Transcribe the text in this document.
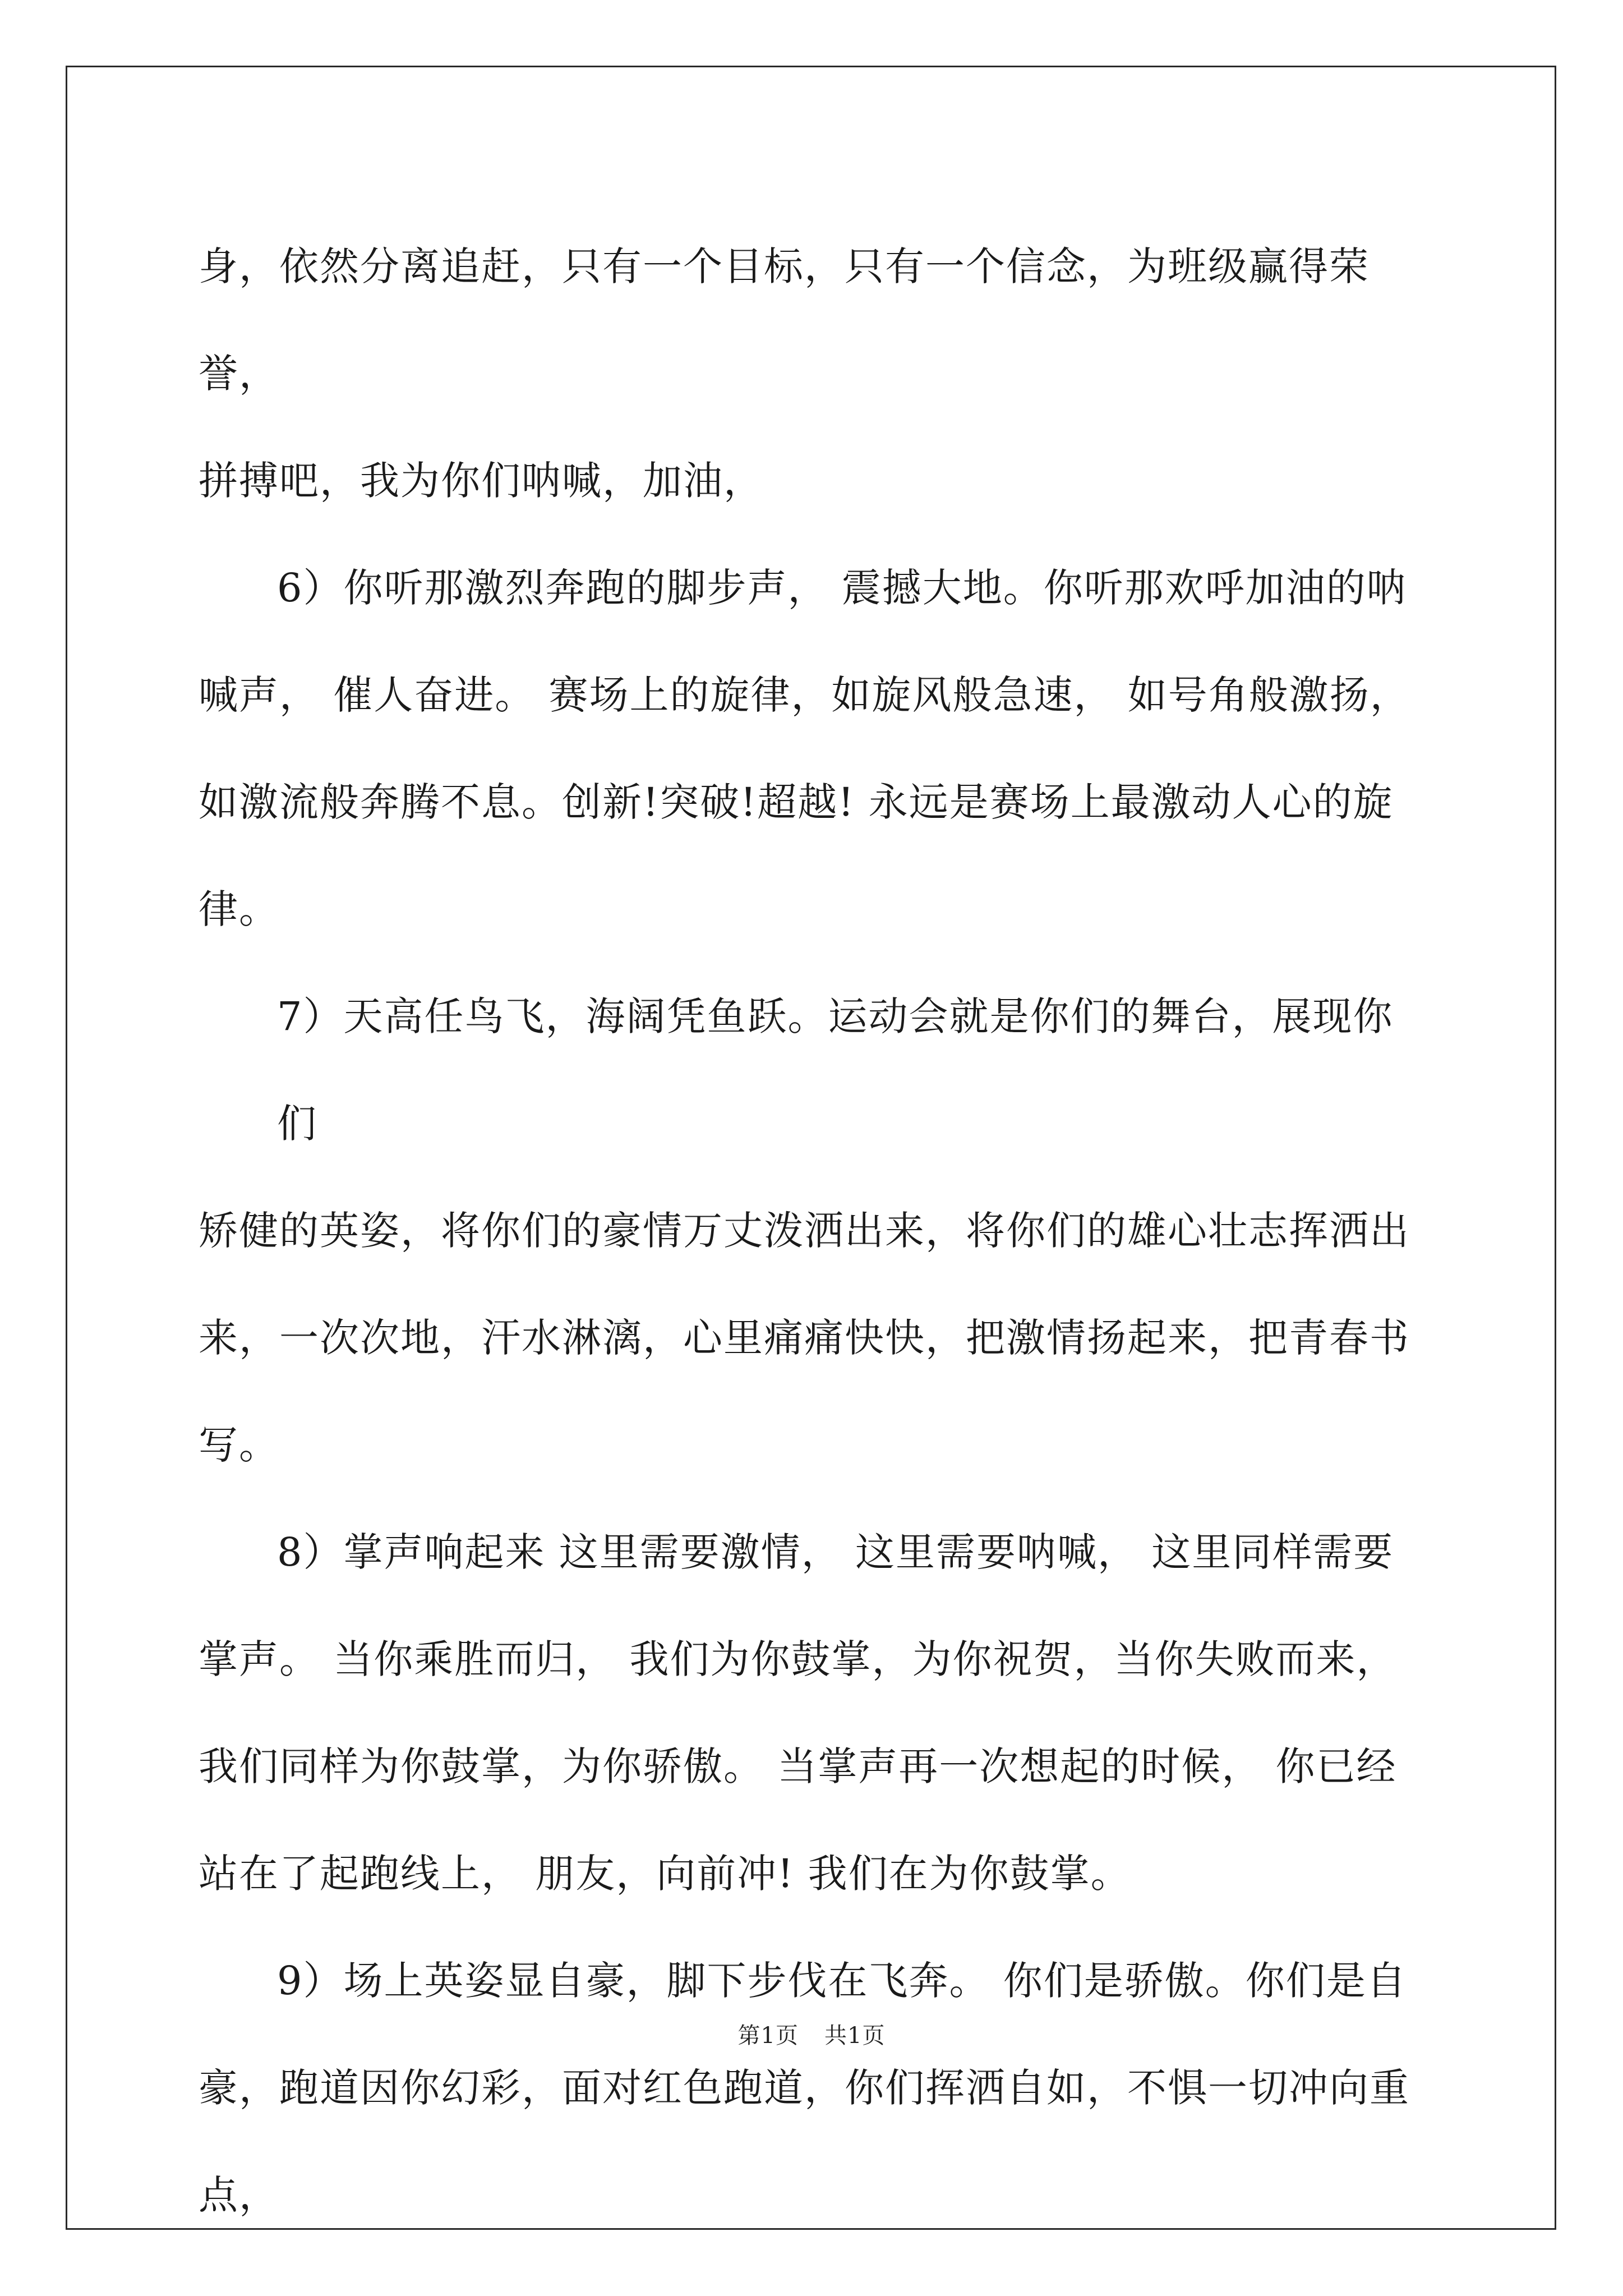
身，依然分离追赶，只有一个目标，只有一个信念，为班级赢得荣誉，
拼搏吧，我为你们呐喊，加油，
6）你听那激烈奔跑的脚步声， 震撼大地。你听那欢呼加油的呐
喊声， 催人奋进。 赛场上的旋律，如旋风般急速， 如号角般激扬，
如激流般奔腾不息。创新!突破!超越! 永远是赛场上最激动人心的旋
律。
7）天高任鸟飞，海阔凭鱼跃。运动会就是你们的舞台，展现你们
矫健的英姿，将你们的豪情万丈泼洒出来，将你们的雄心壮志挥洒出
来，一次次地，汗水淋漓，心里痛痛快快，把激情扬起来，把青春书
写。
8）掌声响起来 这里需要激情， 这里需要呐喊， 这里同样需要
掌声。 当你乘胜而归， 我们为你鼓掌，为你祝贺，当你失败而来，
我们同样为你鼓掌，为你骄傲。 当掌声再一次想起的时候， 你已经
站在了起跑线上， 朋友，向前冲! 我们在为你鼓掌。
9）场上英姿显自豪，脚下步伐在飞奔。 你们是骄傲。你们是自
豪，跑道因你幻彩，面对红色跑道，你们挥洒自如，不惧一切冲向重
点，
第1页 共1页
